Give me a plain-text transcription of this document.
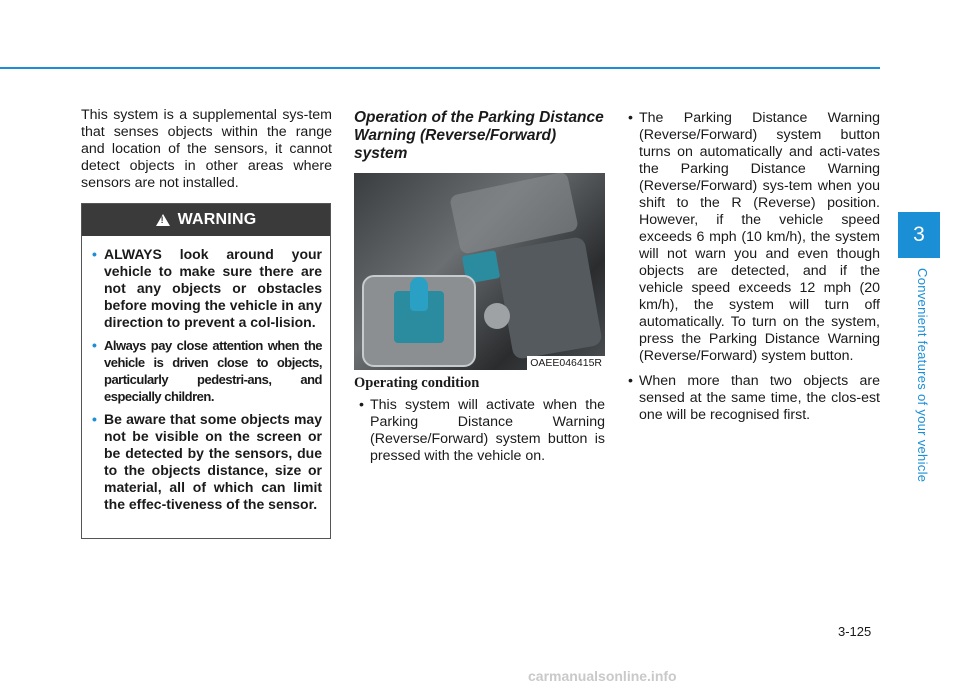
This system is a supplemental sys-tem that senses objects within the range and location of the sensors, it cannot detect objects in other areas where sensors are not installed.

!
WARNING
• ALWAYS look around your vehicle to make sure there are not any objects or obstacles before moving the vehicle in any direction to prevent a col-lision.
• Always pay close attention when the vehicle is driven close to objects, particularly pedestri-ans, and especially children.
• Be aware that some objects may not be visible on the screen or be detected by the sensors, due to the objects distance, size or material, all of which can limit the effec-tiveness of the sensor.
Operation of the Parking Distance Warning (Reverse/Forward) system
OAEE046415R
Operating condition
• This system will activate when the Parking Distance Warning (Reverse/Forward) system button is pressed with the vehicle on.
• The Parking Distance Warning (Reverse/Forward) system button turns on automatically and acti-vates the Parking Distance Warning (Reverse/Forward) sys-tem when you shift to the R (Reverse) position. However, if the vehicle speed exceeds 6 mph (10 km/h), the system will not warn you and even though objects are detected, and if the vehicle speed exceeds 12 mph (20 km/h), the system will turn off automatically. To turn on the system, press the Parking Distance Warning (Reverse/Forward) system button.
• When more than two objects are sensed at the same time, the clos-est one will be recognised first.
3
Convenient features of your vehicle
3-125
carmanualsonline.info
